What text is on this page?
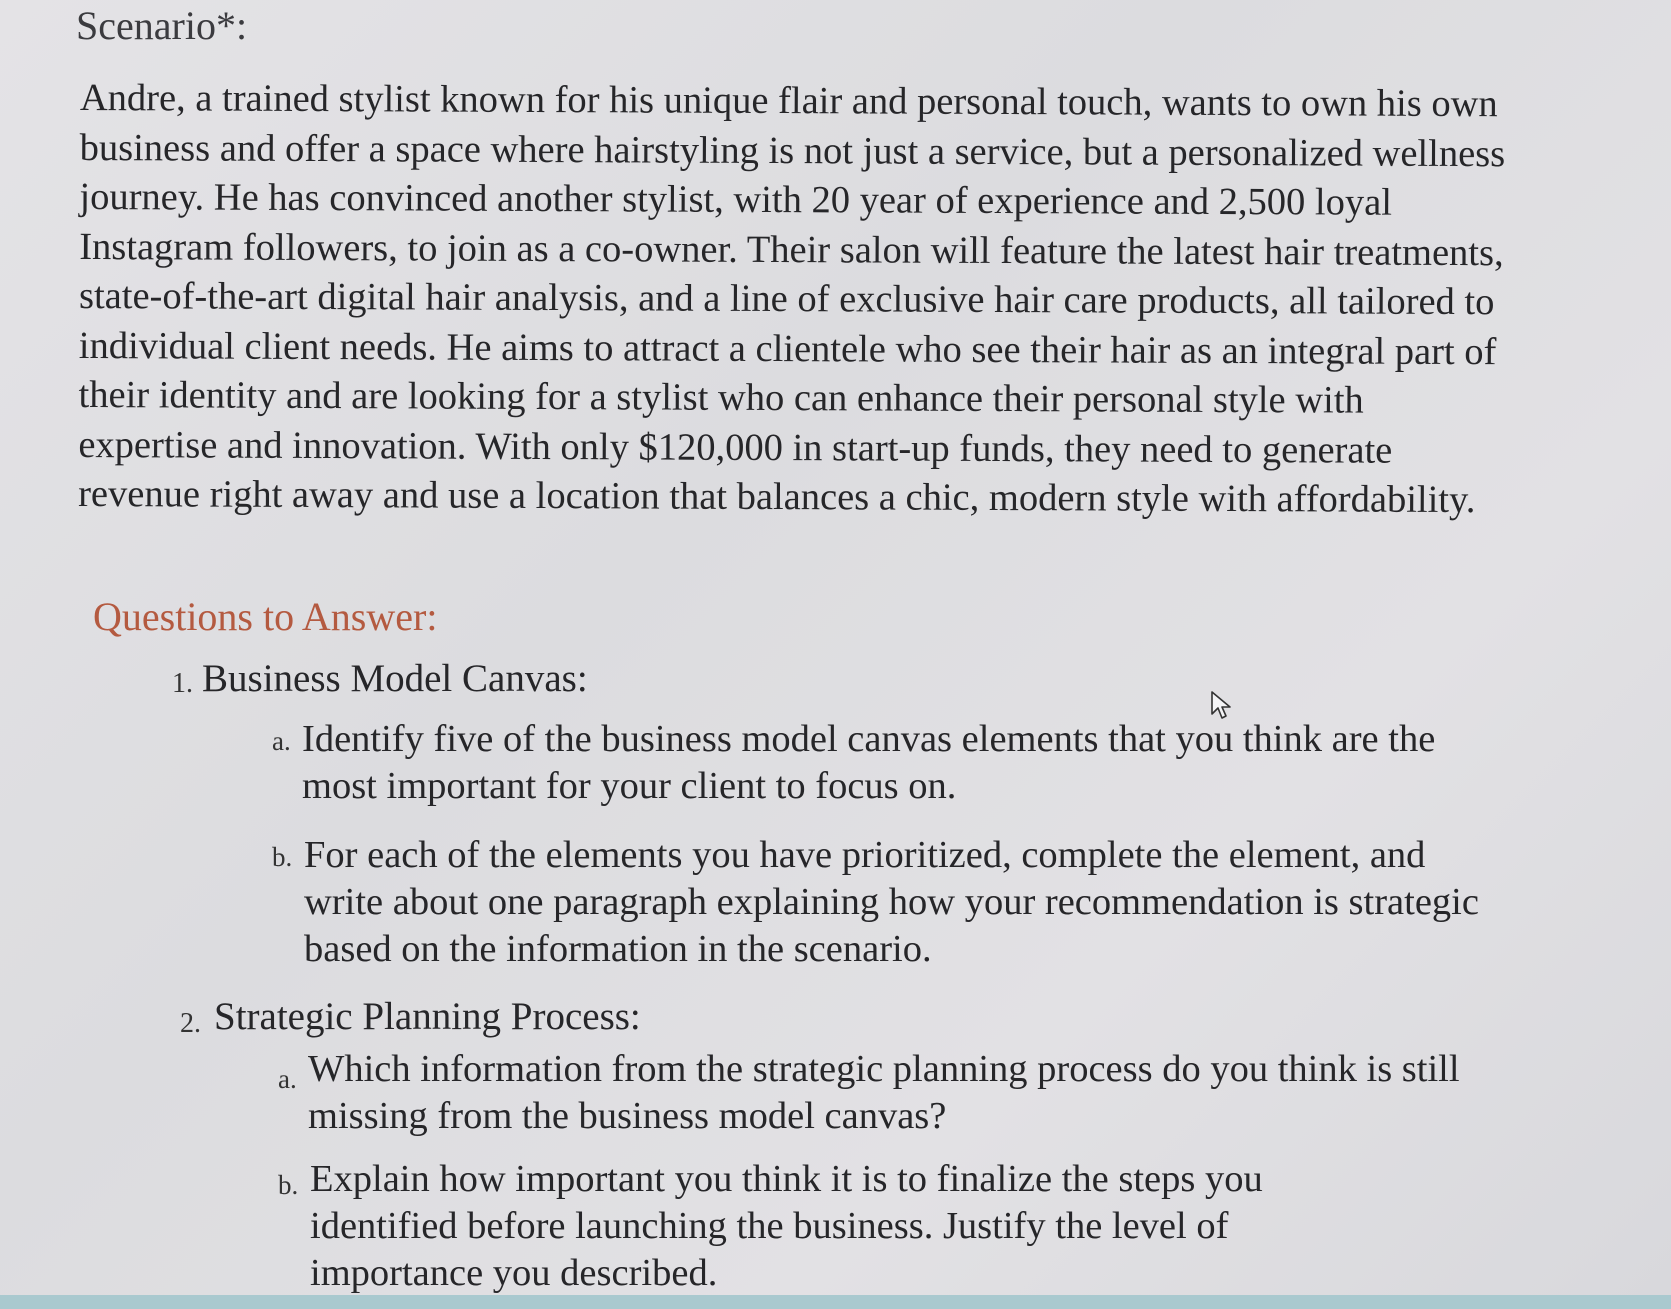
Scenario*:

Andre, a trained stylist known for his unique flair and personal touch, wants to own his own business and offer a space where hairstyling is not just a service, but a personalized wellness journey. He has convinced another stylist, with 20 year of experience and 2,500 loyal Instagram followers, to join as a co-owner. Their salon will feature the latest hair treatments, state-of-the-art digital hair analysis, and a line of exclusive hair care products, all tailored to individual client needs. He aims to attract a clientele who see their hair as an integral part of their identity and are looking for a stylist who can enhance their personal style with expertise and innovation. With only $120,000 in start-up funds, they need to generate revenue right away and use a location that balances a chic, modern style with affordability.

Questions to Answer:
1. Business Model Canvas:
a. Identify five of the business model canvas elements that you think are the most important for your client to focus on.

b. For each of the elements you have prioritized, complete the element, and write about one paragraph explaining how your recommendation is strategic based on the information in the scenario.

2. Strategic Planning Process:
a. Which information from the strategic planning process do you think is still missing from the business model canvas?

b. Explain how important you think it is to finalize the steps you identified before launching the business. Justify the level of importance you described.
